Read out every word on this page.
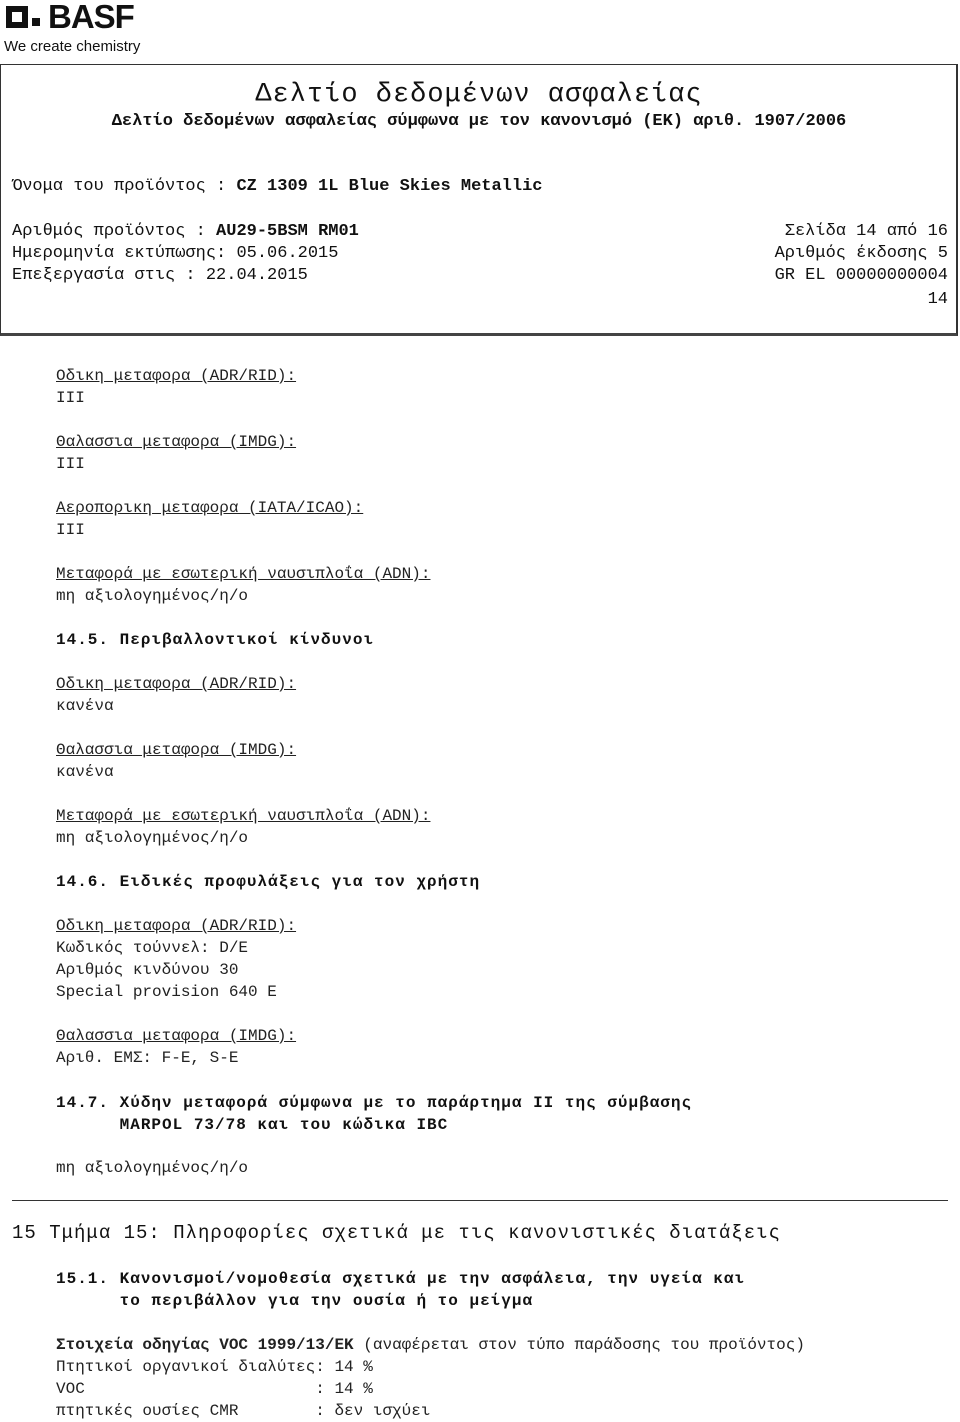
BASF
We create chemistry
Δελτίο δεδομένων ασφαλείας
Δελτίο δεδομένων ασφαλείας σύμφωνα με τον κανονισμό (ΕΚ) αριθ. 1907/2006
Όνομα του προϊόντος : CZ 1309 1L Blue Skies Metallic
Αριθμός προϊόντος : AU29-5BSM RM01
Ημερομηνία εκτύπωσης: 05.06.2015
Επεξεργασία στις : 22.04.2015
Σελίδα 14 από 16
Αριθμός έκδοσης 5
GR EL 00000000004
14
Οδικη μεταφορα (ADR/RID):
III
Θαλασσια μεταφορα (IMDG):
III
Αεροπορικη μεταφορα (IATA/ICAO):
III
Μεταφορά με εσωτερική ναυσιπλοΐα (ADN):
mη αξιολογημένος/η/ο
14.5. Περιβαλλοντικοί κίνδυνοι
Οδικη μεταφορα (ADR/RID):
κανένα
Θαλασσια μεταφορα (IMDG):
κανένα
Μεταφορά με εσωτερική ναυσιπλοΐα (ADN):
mη αξιολογημένος/η/ο
14.6. Ειδικές προφυλάξεις για τον χρήστη
Οδικη μεταφορα (ADR/RID):
Κωδικός τούννελ: D/E
Αριθμός κινδύνου 30
Special provision 640 E
Θαλασσια μεταφορα (IMDG):
Αριθ. ΕΜΣ: F-E, S-E
14.7. Χύδην μεταφορά σύμφωνα με το παράρτημα II της σύμβασης
MARPOL 73/78 και του κώδικα IBC
mη αξιολογημένος/η/ο
15 Τμήμα 15: Πληροφορίες σχετικά με τις κανονιστικές διατάξεις
15.1. Κανονισμοί/νομοθεσία σχετικά με την ασφάλεια, την υγεία και
το περιβάλλον για την ουσία ή το μείγμα
Στοιχεία οδηγίας VOC 1999/13/ΕΚ (αναφέρεται στον τύπο παράδοσης του προϊόντος)
Πτητικοί οργανικοί διαλύτες: 14 %
VOC                        : 14 %
πτητικές ουσίες CMR        : δεν ισχύει
